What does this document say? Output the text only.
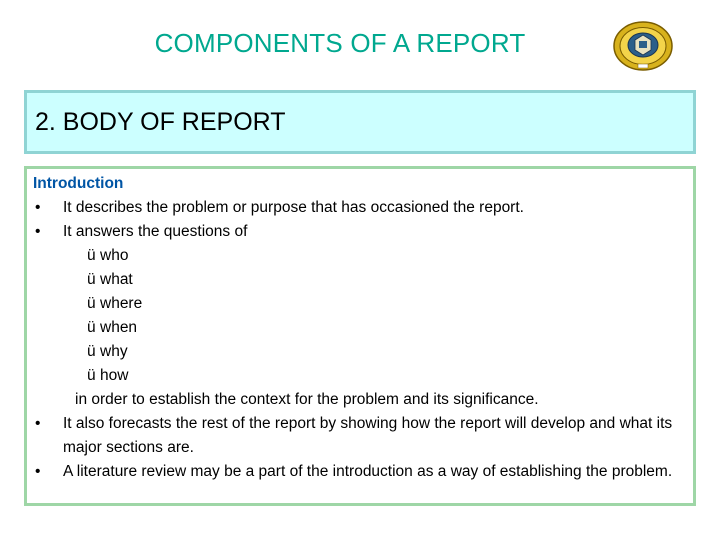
COMPONENTS OF A REPORT
2. BODY OF REPORT
Introduction
•	It describes the problem or purpose that has occasioned the report.
•	It answers the questions of
ü who
ü what
ü where
ü when
ü why
ü how
in order to establish the context for the problem and its significance.
•	It also forecasts the rest of the report by showing how the report will develop and what its major sections are.
•	A literature review may be a part of the introduction as a way of establishing the problem.
